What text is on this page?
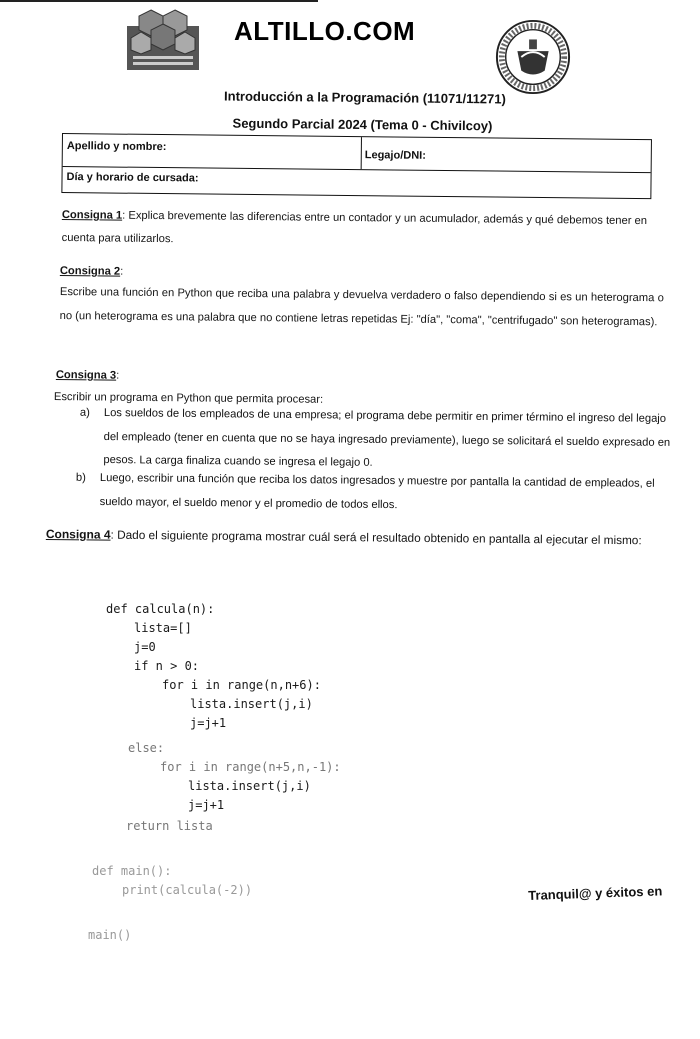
ALTILLO.COM
Introducción a la Programación (11071/11271)
Segundo Parcial 2024 (Tema 0 - Chivilcoy)
Apellido y nombre:
Legajo/DNI:
Día y horario de cursada:
Consigna 1: Explica brevemente las diferencias entre un contador y un acumulador, además y qué debemos tener en cuenta para utilizarlos.
Consigna 2:
Escribe una función en Python que reciba una palabra y devuelva verdadero o falso dependiendo si es un heterograma o no (un heterograma es una palabra que no contiene letras repetidas Ej: "día", "coma", "centrifugado" son heterogramas).
Consigna 3:
Escribir un programa en Python que permita procesar:
a) Los sueldos de los empleados de una empresa; el programa debe permitir en primer término el ingreso del legajo del empleado (tener en cuenta que no se haya ingresado previamente), luego se solicitará el sueldo expresado en pesos. La carga finaliza cuando se ingresa el legajo 0.
b) Luego, escribir una función que reciba los datos ingresados y muestre por pantalla la cantidad de empleados, el sueldo mayor, el sueldo menor y el promedio de todos ellos.
Consigna 4: Dado el siguiente programa mostrar cuál será el resultado obtenido en pantalla al ejecutar el mismo:
def calcula(n):
lista=[]
j=0
if n > 0:
for i in range(n,n+6):
lista.insert(j,i)
j=j+1
else:
for i in range(n+5,n,-1):
lista.insert(j,i)
j=j+1
return lista
def main():
print(calcula(-2))
main()
Tranquil@ y éxitos en
